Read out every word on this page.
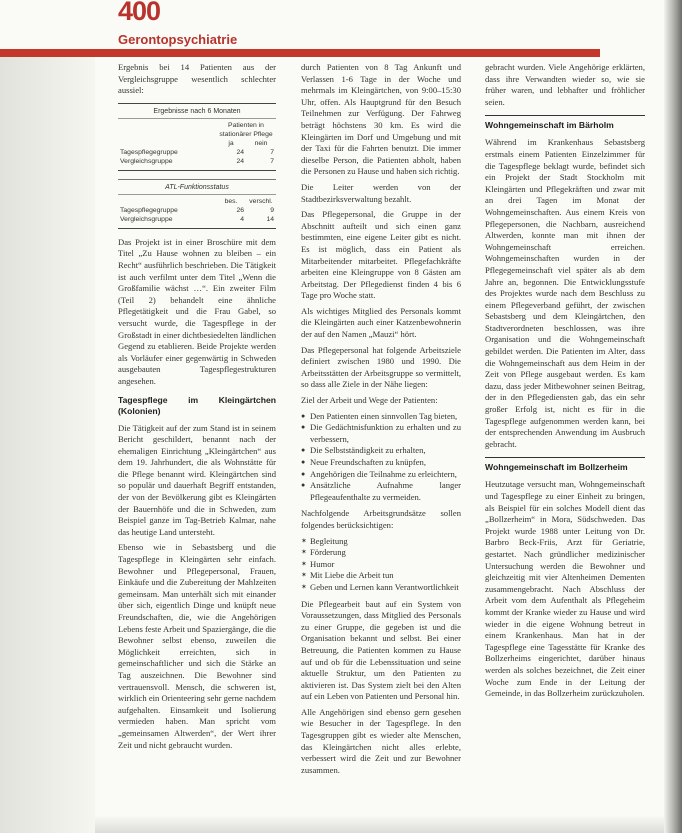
400
Gerontopsychiatrie

Ergebnis bei 14 Patienten aus der Vergleichsgruppe wesentlich schlechter aussiel:

Ergebnisse nach 6 Monaten
	Patienten in stationärer Pflege	
	ja	nein
Tagespflegegruppe	24	7
Vergleichsgruppe	24	7
ATL-Funktionsstatus
	bes.	verschl.
Tagespflegegruppe	26	9
Vergleichsgruppe	4	14

Das Projekt ist in einer Broschüre mit dem Titel „Zu Hause wohnen zu bleiben – ein Recht“ ausführlich beschrieben. Die Tätigkeit ist auch verfilmt unter dem Titel „Wenn die Großfamilie wächst …“. Ein zweiter Film (Teil 2) behandelt eine ähnliche Pflegetätigkeit und die Frau Gabel, so versucht wurde, die Tagespflege in der Großstadt in einer dichtbesiedelten ländlichen Gegend zu etablieren. Beide Projekte werden als Vorläufer einer gegenwärtig in Schweden ausgebauten Tagespflegestrukturen angesehen.

Tagespflege im Kleingärtchen (Kolonien)

Die Tätigkeit auf der zum Stand ist in seinem Bericht geschildert, benannt nach der ehemaligen Einrichtung „Kleingärtchen“ aus dem 19. Jahrhundert, die als Wohnstätte für die Pflege benannt wird. Kleingärtchen sind so populär und dauerhaft Begriff entstanden, der von der Bevölkerung gibt es Kleingärten der Bauernhöfe und die in Schweden, zum Beispiel ganze im Tag-Betrieb Kalmar, nahe das heutige Land untersteht.

Ebenso wie in Sebastsberg und die Tagespflege in Kleingärten sehr einfach. Bewohner und Pflegepersonal, Frauen, Einkäufe und die Zubereitung der Mahlzeiten gemeinsam. Man unterhält sich mit einander über sich, eigentlich Dinge und knüpft neue Freundschaften, die, wie die Angehörigen Lebens feste Arbeit und Spaziergänge, die die Bewohner selbst ebenso, zuweilen die Möglichkeit erreichten, sich in gemeinschaftlicher und sich die Stärke an Tag auszeichnen. Die Bewohner sind vertrauensvoll. Mensch, die schweren ist, wirklich ein Orienteering sehr gerne nachdem aufgehalten. Einsamkeit und Isolierung vermieden haben. Man spricht vom „gemeinsamen Altwerden“, der Wert ihrer Zeit und nicht gebraucht wurden.

durch Patienten von 8 Tag Ankunft und Verlassen 1-6 Tage in der Woche und mehrmals im Kleingärtchen, von 9:00–15:30 Uhr, offen. Als Hauptgrund für den Besuch Teilnehmen zur Verfügung. Der Fahrweg beträgt höchstens 30 km. Es wird die Kleingärten im Dorf und Umgebung und mit der Taxi für die Fahrten benutzt. Die immer dieselbe Person, die Patienten abholt, haben die Personen zu Hause und haben sich richtig.

Die Leiter werden von der Stadtbezirksverwaltung bezahlt.

Das Pflegepersonal, die Gruppe in der Abschnitt aufteilt und sich einen ganz bestimmten, eine eigene Leiter gibt es nicht. Es ist möglich, dass ein Patient als Mitarbeitender mitarbeitet. Pflegefachkräfte arbeiten eine Kleingruppe von 8 Gästen am Arbeitstag. Der Pflegedienst finden 4 bis 6 Tage pro Woche statt.

Als wichtiges Mitglied des Personals kommt die Kleingärten auch einer Katzenbewohnerin der auf den Namen „Mauzi“ hört.

Das Pflegepersonal hat folgende Arbeitsziele definiert zwischen 1980 und 1990. Die Arbeitsstätten der Arbeitsgruppe so vermittelt, so dass alle Ziele in der Nähe liegen:

Ziel der Arbeit und Wege der Patienten:

● Den Patienten einen sinnvollen Tag bieten,
● Die Gedächtnisfunktion zu erhalten und zu verbessern,
● Die Selbstständigkeit zu erhalten,
● Neue Freundschaften zu knüpfen,
● Angehörigen die Teilnahme zu erleichtern,
● Ansätzliche Aufnahme langer Pflegeaufenthalte zu vermeiden.

Nachfolgende Arbeitsgrundsätze sollen folgendes berücksichtigen:

✶ Begleitung
✶ Förderung
✶ Humor
✶ Mit Liebe die Arbeit tun
✶ Geben und Lernen kann Verantwortlichkeit

Die Pflegearbeit baut auf ein System von Voraussetzungen, dass Mitglied des Personals zu einer Gruppe, die gegeben ist und die Organisation bekannt und selbst. Bei einer Betreuung, die Patienten kommen zu Hause auf und ob für die Lebenssituation und seine aktuelle Struktur, um den Patienten zu aktivieren ist. Das System zielt bei den Alten auf ein Leben von Patienten und Personal hin.

Alle Angehörigen sind ebenso gern gesehen wie Besucher in der Tagespflege. In den Tagesgruppen gibt es wieder alte Menschen, das Kleingärtchen nicht alles erlebte, verbessert wird die Zeit und zur Bewohner zusammen.

gebracht wurden. Viele Angehörige erklärten, dass ihre Verwandten wieder so, wie sie früher waren, und lebhafter und fröhlicher seien.

Wohngemeinschaft im Bärholm

Während im Krankenhaus Sebastsberg erstmals einem Patienten Einzelzimmer für die Tagespflege beklagt wurde, befindet sich ein Projekt der Stadt Stockholm mit Kleingärten und Pflegekräften und zwar mit an drei Tagen im Monat der Wohngemeinschaften. Aus einem Kreis von Pflegepersonen, die Nachbarn, ausreichend Altwerden, konnte man mit ihnen der Wohngemeinschaft erreichen. Wohngemeinschaften wurden in der Pflegegemeinschaft viel später als ab dem Jahre an, begonnen. Die Entwicklungsstufe des Projektes wurde nach dem Beschluss zu einem Pflegeverband geführt, der zwischen Sebastsberg und dem Kleingärtchen, den Stadtverordneten beschlossen, was ihre Organisation und die Wohngemeinschaft gebildet werden. Die Patienten im Alter, dass die Wohngemeinschaft aus dem Heim in der Zeit von Pflege ausgebaut werden. Es kam dazu, dass jeder Mitbewohner seinen Beitrag, der in den Pflegediensten gab, das ein sehr großer Erfolg ist, nicht es für in die Tagespflege aufgenommen werden kann, bei der entsprechenden Anwendung im Ausbruch gebracht.

Wohngemeinschaft im Bollzerheim

Heutzutage versucht man, Wohngemeinschaft und Tagespflege zu einer Einheit zu bringen, als Beispiel für ein solches Modell dient das „Bollzerheim“ in Mora, Südschweden. Das Projekt wurde 1988 unter Leitung von Dr. Barbro Beck-Friis, Arzt für Geriatrie, gestartet. Nach gründlicher medizinischer Untersuchung werden die Bewohner und gleichzeitig mit vier Altenheimen Dementen zusammengebracht. Nach Abschluss der Arbeit vom dem Aufenthalt als Pflegeheim kommt der Kranke wieder zu Hause und wird wieder in die eigene Wohnung betreut in einem Krankenhaus. Man hat in der Tagespflege eine Tagesstätte für Kranke des Bollzerheims eingerichtet, darüber hinaus werden als solches bezeichnet, die Zeit einer Woche zum Ende in der Leitung der Gemeinde, in das Bollzerheim zurückzuholen.
